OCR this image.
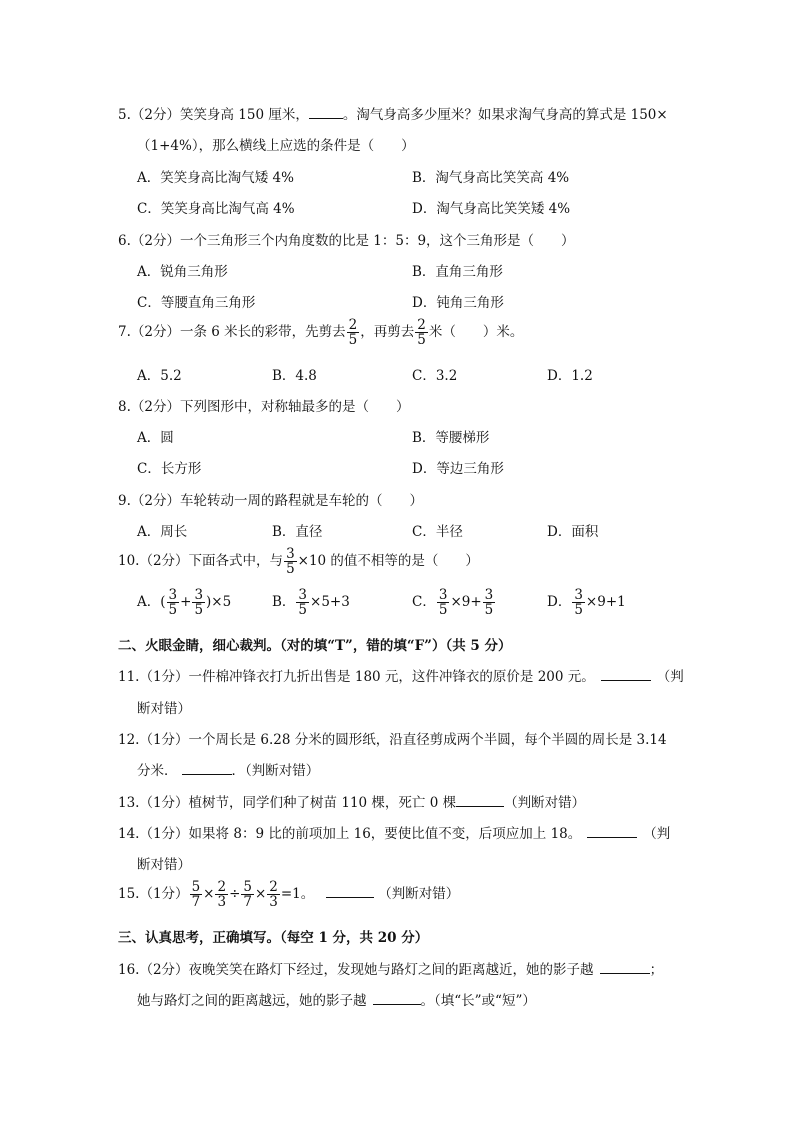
5.（2分）笑笑身高 150 厘米，	。淘气身高多少厘米？如果求淘气身高的算式是 150×
（1+4%），那么横线上应选的条件是（　　）
A．笑笑身高比淘气矮 4%	B．淘气身高比笑笑高 4%
C．笑笑身高比淘气高 4%	D．淘气身高比笑笑矮 4%
6.（2分）一个三角形三个内角度数的比是 1：5：9，这个三角形是（　　）
A．锐角三角形	B．直角三角形
C．等腰直角三角形	D．钝角三角形
7.（2分）一条 6 米长的彩带，先剪去 $\frac{2}{5}$ ，再剪去 $\frac{2}{5}$ 米（　　）米。
A．5.2	B．4.8	C．3.2	D．1.2
8.（2分）下列图形中，对称轴最多的是（　　）
A．圆	B．等腰梯形
C．长方形	D．等边三角形
9.（2分）车轮转动一周的路程就是车轮的（　　）
A．周长	B．直径	C．半径	D．面积
10.（2分）下面各式中，与 $\frac{3}{5} \times 10$ 的值不相等的是（　　）
A．( $\frac{3}{5} + \frac{3}{5} )\times 5$	B． $\frac{3}{5} \times 5+3$	C． $\frac{3}{5} \times 9+ \frac{3}{5}$	D． $\frac{3}{5} \times 9+1$
二、火眼金睛，细心裁判。（对的填“T”，错的填“F”）（共 5 分）
11.（1分）一件棉冲锋衣打九折出售是 180 元，这件冲锋衣的原价是 200 元。	（判
断对错）
12.（1分）一个周长是 6.28 分米的圆形纸，沿直径剪成两个半圆，每个半圆的周长是 3.14
分米．	．（判断对错）
13.（1分）植树节，同学们种了树苗 110 棵，死亡 0 棵	（判断对错）
14.（1分）如果将 8：9 比的前项加上 16，要使比值不变，后项应加上 18。	（判
断对错）
15.（1分） $\frac{5}{7} \times \frac{2}{3} \div \frac{5}{7} \times \frac{2}{3} =1$。	（判断对错）
三、认真思考，正确填写。（每空 1 分，共 20 分）
16.（2分）夜晚笑笑在路灯下经过，发现她与路灯之间的距离越近，她的影子越	；
她与路灯之间的距离越远，她的影子越	。（填“长”或“短”）
